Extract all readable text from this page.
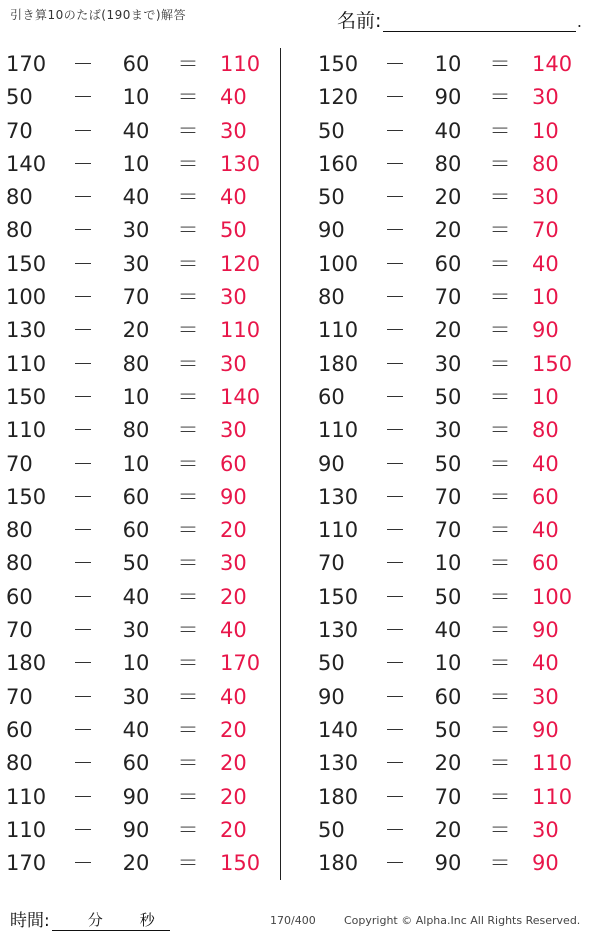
引き算10のたば(190まで)解答	名前:	.
170	－	60	＝ 110
50	－	10	＝ 40
70	－	40	＝ 30
140	－	10	＝ 130
80	－	40	＝ 40
80	－	30	＝ 50
150	－	30	＝ 120
100	－	70	＝ 30
130	－	20	＝ 110
110	－	80	＝ 30
150	－	10	＝ 140
110	－	80	＝ 30
70	－	10	＝ 60
150	－	60	＝ 90
80	－	60	＝ 20
80	－	50	＝ 30
60	－	40	＝ 20
70	－	30	＝ 40
180	－	10	＝ 170
70	－	30	＝ 40
60	－	40	＝ 20
80	－	60	＝ 20
110	－	90	＝ 20
110	－	90	＝ 20
170	－	20	＝ 150
150	－	10	＝ 140
120	－	90	＝ 30
50	－	40	＝ 10
160	－	80	＝ 80
50	－	20	＝ 30
90	－	20	＝ 70
100	－	60	＝ 40
80	－	70	＝ 10
110	－	20	＝ 90
180	－	30	＝ 150
60	－	50	＝ 10
110	－	30	＝ 80
90	－	50	＝ 40
130	－	70	＝ 60
110	－	70	＝ 40
70	－	10	＝ 60
150	－	50	＝ 100
130	－	40	＝ 90
50	－	10	＝ 40
90	－	60	＝ 30
140	－	50	＝ 90
130	－	20	＝ 110
180	－	70	＝ 110
50	－	20	＝ 30
180	－	90	＝ 90
時間:	分 秒	170/400	Copyright © Alpha.Inc All Rights Reserved.
